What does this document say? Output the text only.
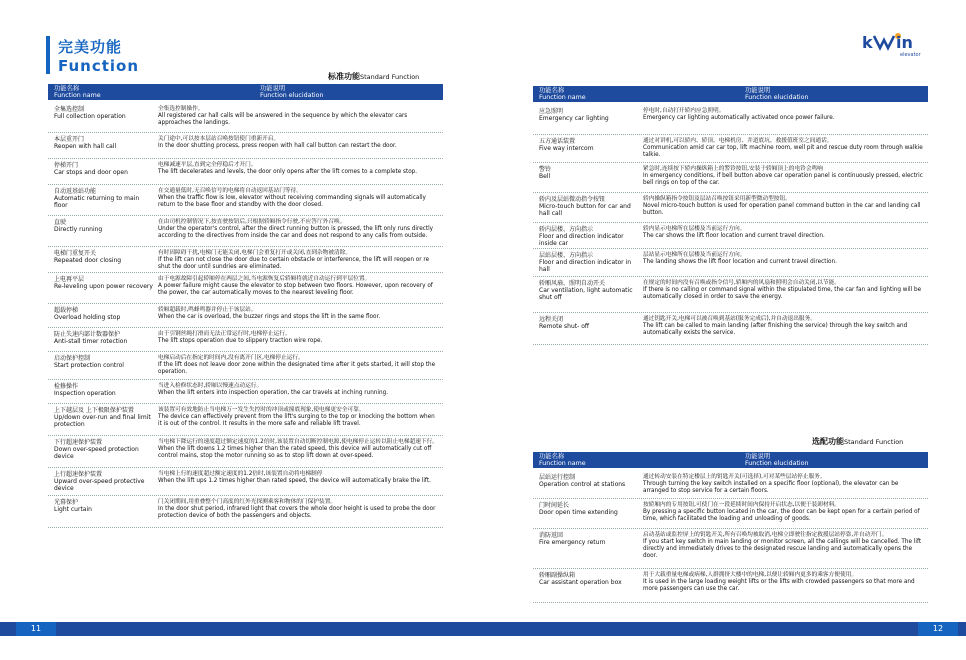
完美功能
Function
标准功能Standard Function
功能名称
Function name
功能说明
Function elucidation
全集选控制
Full collection operation
全集选控制操作。
All registered car hall calls will be answered in the sequence by which the elevator cars approaches the landings.
本层重开门
Reopen with hall call
关门途中,可以按本层站召唤按钮使门重新开启。
In the door shutting process, press reopen with hall call button can restart the door.
停梯开门
Car stops and door open
电梯减速平层,直到完全停稳后才开门。
The lift decelerates and levels, the door only opens after the lift comes to a complete stop.
自动返基站功能
Automatic returning to main floor
在交通量低时,无召唤信号的电梯将自动返回基站门等待。
When the traffic flow is low, elevator without receiving commanding signals will automatically return to the base floor and standby with the door closed.
直驶
Directly running
在由司机控制情况下,按直驶按钮后,只根据轿厢指令行驶,不应答厅外召唤。
Under the operator's control, after the direct running button is pressed, the lift only runs directly according to the directives from inside the car and does not respond to any calls from outside.
电梯门重复开关
Repeated door closing
有时因障碍干扰,电梯门无能关闭,电梯门会重复打开或关闭,直到杂物被清除。
If the lift can not close the door due to certain obstacle or interference, the lift will reopen or re shut the door until sundries are eliminated.
上电再平层
Re-leveling upon power recovery
由于电源故障引起轿厢停在两层之间,当电源恢复后轿厢将就近自动运行到平层位置。
A power failure might cause the elevator to stop between two floors. However, upon recovery of the power, the car automatically moves to the nearest leveling floor.
超载停梯
Overload holding stop
轿厢超载时,鸣蜂鸣器并停止于该层站。
When the car is overload, the buzzer rings and stops the lift in the same floor.
防止失速内部计数器保护
Anti-stall timer rotection
由于引钢丝绳打滑而无法正常运行时,电梯停止运行。
The lift stops operation due to slippery traction wire rope.
启动保护控制
Start protection control
电梯启动后在指定的时间内,没有离开门区,电梯停止运行。
If the lift does not leave door zone within the designated time after it gets started, it will stop the operation.
检修操作
Inspection operation
当进入检修状态时,轿厢以慢速点动运行。
When the lift enters into inspection operation, the car travels at inching running.
上下越层及 上下极限保护装置
Up/down over-run and final limit protection
该装置可有效地防止当电梯万一发生失控时的冲顶或撞底现象,使电梯更安全可靠。
The device can effectively prevent from the lift's surging to the top or knocking the bottom when it is out of the control. It results in the more safe and reliable lift travel.
下行超速保护装置
Down over-speed protection device
当电梯下降运行的速度超过额定速度的1.2倍时,该装置自动切断控制电源,使电梯停止运转以阻止电梯超速下行。
When the lift downs 1.2 times higher than the rated speed, this device will automatically cut off control mains, stop the motor running so as to stop lift down at over-speed.
上行超速保护装置
Upward over-speed protective device
当电梯上行的速度超过额定速度的1.2倍时,该装置自动将电梯制停
When the lift ups 1.2 times higher than rated speed, the device will automatically brake the lift.
光幕保护
Light curtain
门关闭期间,用重叠整个门高度的红外光探测乘客和物体的门保护装置。
In the door shut period, infrared light that covers the whole door height is used to probe the door protection device of both the passengers and objects.
11
k in
elevator
功能名称
Function name
功能说明
Function elucidation
应急照明
Emergency car lighting
停电时,自动打开轿内应急照明。
Emergency car lighting automatically activated once power failure.
五方通话装置
Five way intercom
通过对讲机,可以轿内、轿顶、电梯机房、井道底坑、救援值班室之间通话。
Communication amid car car top, lift machine room, well pit and rescue duty room through walkie talkie.
警铃
Bell
紧急时,连续按下轿内操纵箱上的警铃按钮,安装于轿厢顶上的电铃会鸣响
In emergency conditions, if bell button above car operation panel is continuously pressed, electric bell rings on top of the car.
轿内及层站微动指令按钮
Micro-touch button for car and hall call
轿内操纵箱指令按钮及层站召唤按钮采用新型微动型按钮。
Novel micro-touch button is used for operation panel command button in the car and landing call button.
轿内层楼、方向指示
Floor and direction indicator inside car
轿内显示电梯所在层楼及当前运行方向。
The car shows the lift floor location and current travel direction.
层站层楼、方向指示
Floor and direction indicator in hall
层站显示电梯所在层楼及当前运行方向。
The landing shows the lift floor location and current travel direction.
轿厢风扇、照明自动开关
Car ventilation, light automatic shut off
在规定的时间内没有召唤或指令信号,轿厢内的风扇和照明会自动关闭,以节能。
If there is no calling or command signal within the stipulated time, the car fan and lighting will be automatically closed in order to save the energy.
远程关闭
Remote shut- off
通过钥匙开关,电梯可以被召唤到基站(服务完成后),并自动退出服务。
The lift can be called to main landing (after finishing the service) through the key switch and automatically exists the service.
选配功能Standard Function
功能名称
Function name
功能说明
Function elucidation
层站运行控制
Operation control at stations
通过转动安装在特定楼层上的钥匙开关(可选择),可对某些层站停止服务。
Through turning the key switch installed on a specific floor (optional), the elevator can be arranged to stop service for a certain floors.
门时间延长
Door open time extending
按轿厢内的专用按钮,可使门在一段延续时间内保持开启状态,以便于装卸材料。
By pressing a specific button located in the car, the door can be kept open for a certain period of time, which facilitated the loading and unloading of goods.
消防返回
Fire emergency return
启动基站或监控屏上的钥匙开关,所有召唤均被取消,电梯立即驶往指定救援层站停靠,并自动开门。
If you start key switch in main landing or monitor screen, all the callings will be cancelled. The lift directly and immediately drives to the designated rescue landing and automatically opens the door.
轿厢副操纵箱
Car assistant operation box
用于大载重量电梯或病梯,人群拥挤大楼中的电梯,以便让轿厢内更多的乘客方便使用。
It is used in the large loading weight lifts or the lifts with crowded passengers so that more and more passengers can use the car.
12
